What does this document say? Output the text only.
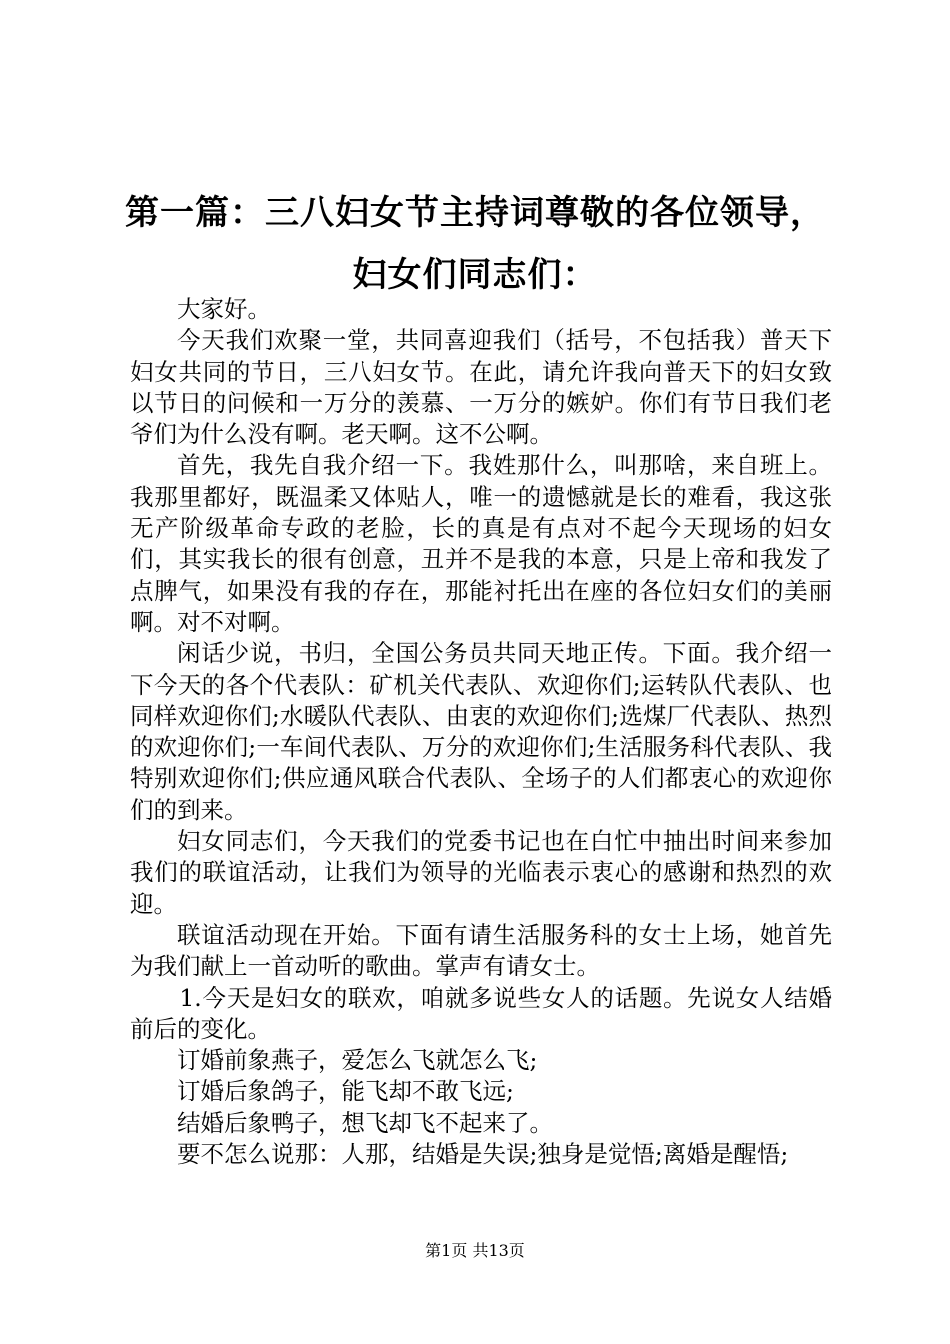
第一篇：三八妇女节主持词尊敬的各位领导，
妇女们同志们：

大家好。

今天我们欢聚一堂，共同喜迎我们（括号，不包括我）普天下妇女共同的节日，三八妇女节。在此，请允许我向普天下的妇女致以节日的问候和一万分的羡慕、一万分的嫉妒。你们有节日我们老爷们为什么没有啊。老天啊。这不公啊。

首先，我先自我介绍一下。我姓那什么，叫那啥，来自班上。我那里都好，既温柔又体贴人，唯一的遗憾就是长的难看，我这张无产阶级革命专政的老脸，长的真是有点对不起今天现场的妇女们，其实我长的很有创意，丑并不是我的本意，只是上帝和我发了点脾气，如果没有我的存在，那能衬托出在座的各位妇女们的美丽啊。对不对啊。

闲话少说，书归，全国公务员共同天地正传。下面。我介绍一下今天的各个代表队：矿机关代表队、欢迎你们;运转队代表队、也同样欢迎你们;水暖队代表队、由衷的欢迎你们;选煤厂代表队、热烈的欢迎你们;一车间代表队、万分的欢迎你们;生活服务科代表队、我特别欢迎你们;供应通风联合代表队、全场子的人们都衷心的欢迎你们的到来。

妇女同志们，今天我们的党委书记也在白忙中抽出时间来参加我们的联谊活动，让我们为领导的光临表示衷心的感谢和热烈的欢迎。

联谊活动现在开始。下面有请生活服务科的女士上场，她首先为我们献上一首动听的歌曲。掌声有请女士。

1.今天是妇女的联欢，咱就多说些女人的话题。先说女人结婚前后的变化。

订婚前象燕子，爱怎么飞就怎么飞;

订婚后象鸽子，能飞却不敢飞远;

结婚后象鸭子，想飞却飞不起来了。

要不怎么说那：人那，结婚是失误;独身是觉悟;离婚是醒悟;

第1页 共13页
